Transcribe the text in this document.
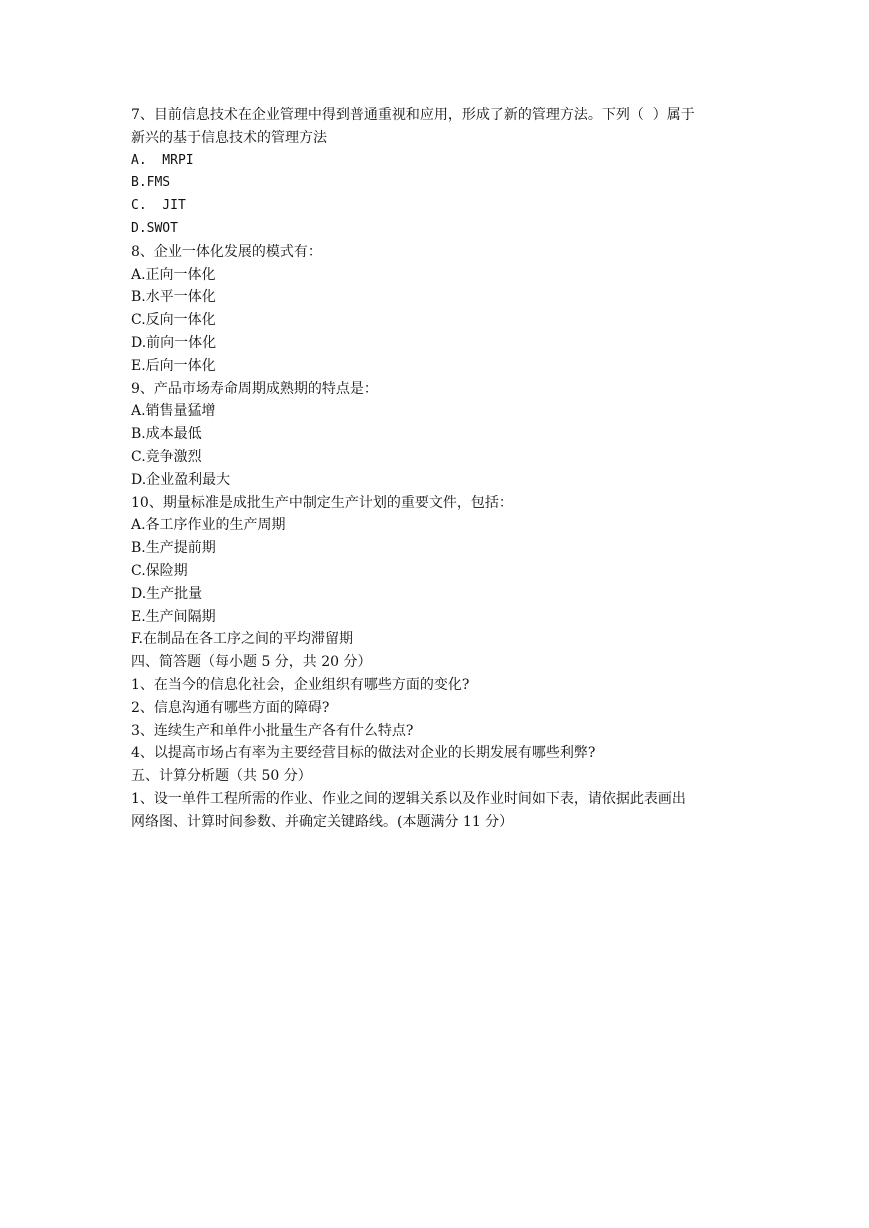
7、目前信息技术在企业管理中得到普通重视和应用，形成了新的管理方法。下列（  ）属于
新兴的基于信息技术的管理方法
A.  MRPI
B.FMS
C.  JIT
D.SWOT
8、企业一体化发展的模式有：
A.正向一体化
B.水平一体化
C.反向一体化
D.前向一体化
E.后向一体化
9、产品市场寿命周期成熟期的特点是：
A.销售量猛增
B.成本最低
C.竞争激烈
D.企业盈利最大
10、期量标准是成批生产中制定生产计划的重要文件，包括：
A.各工序作业的生产周期
B.生产提前期
C.保险期
D.生产批量
E.生产间隔期
F.在制品在各工序之间的平均滞留期
四、简答题（每小题 5 分，共 20 分）
1、在当今的信息化社会，企业组织有哪些方面的变化?
2、信息沟通有哪些方面的障碍?
3、连续生产和单件小批量生产各有什么特点?
4、以提高市场占有率为主要经营目标的做法对企业的长期发展有哪些利弊?
五、计算分析题（共 50 分）
1、设一单件工程所需的作业、作业之间的逻辑关系以及作业时间如下表，请依据此表画出
网络图、计算时间参数、并确定关键路线。(本题满分 11 分）
